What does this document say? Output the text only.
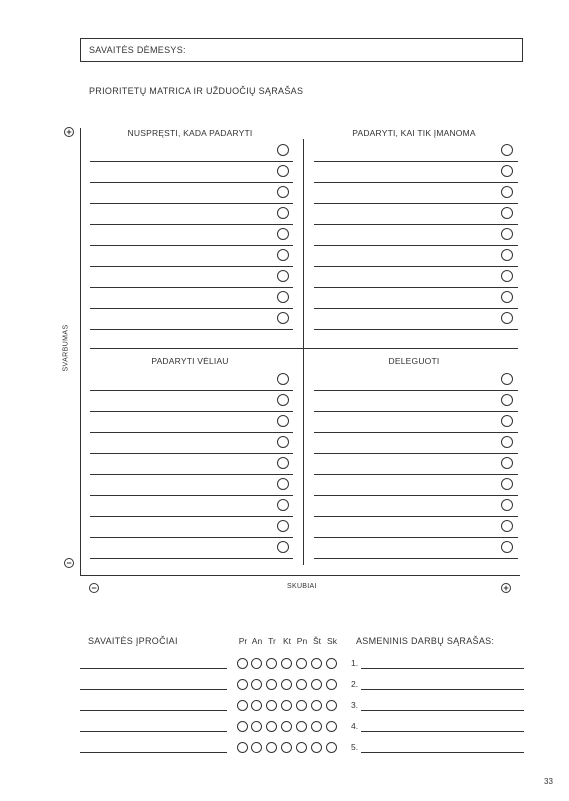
SAVAITĖS DĖMESYS:
PRIORITETŲ MATRICA IR UŽDUOČIŲ SĄRAŠAS
+
−
−	+
SVARBUMAS
SKUBIAI
NUSPRĘSTI, KADA PADARYTI	PADARYTI, KAI TIK ĮMANOMA
PADARYTI VĖLIAU	DELEGUOTI
SAVAITĖS ĮPROČIAI	Pr An Tr Kt Pn Št Sk ASMENINIS DARBŲ SĄRAŠAS:
1.
2.
3.
4.
5.
33
